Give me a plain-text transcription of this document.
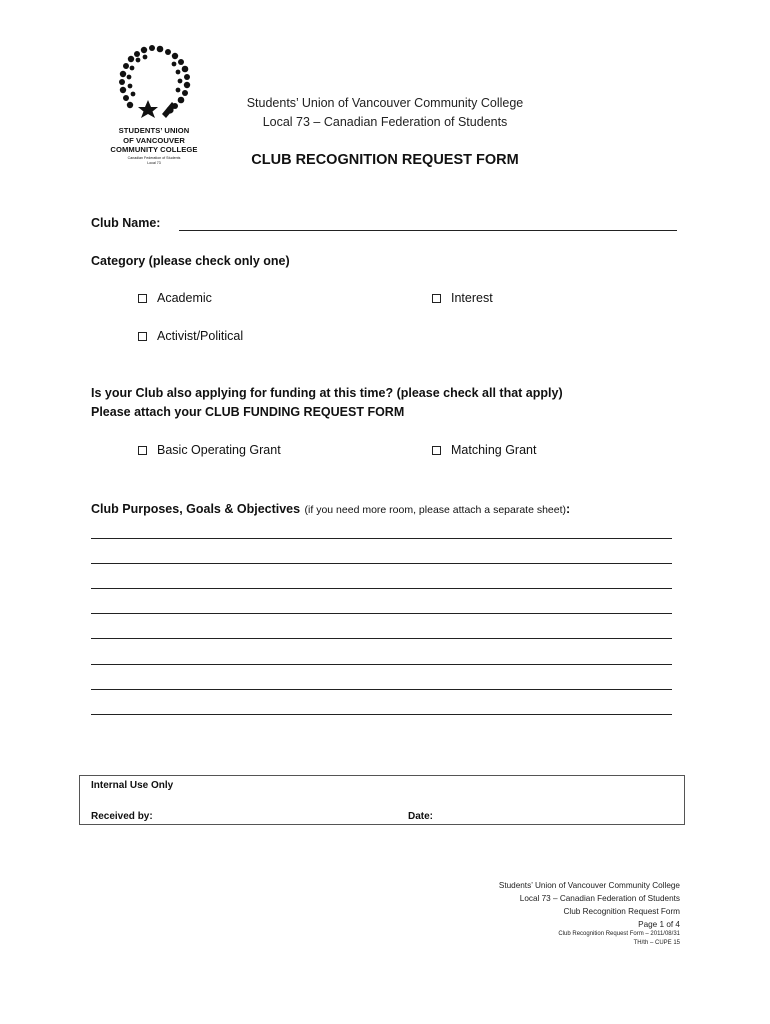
STUDENTS’ UNION
OF VANCOUVER
COMMUNITY COLLEGE
Canadian Federation of Students
Local 73
Students’ Union of Vancouver Community College
Local 73 – Canadian Federation of Students
CLUB RECOGNITION REQUEST FORM
Club Name:
Category (please check only one)
Academic	Interest
Activist/Political
Is your Club also applying for funding at this time? (please check all that apply)
Please attach your CLUB FUNDING REQUEST FORM
Basic Operating Grant	Matching Grant
Club Purposes, Goals & Objectives (if you need more room, please attach a separate sheet):
Internal Use Only
Received by:	Date:
Students’ Union of Vancouver Community College
Local 73 – Canadian Federation of Students
Club Recognition Request Form
Page 1 of 4
Club Recognition Request Form – 2011/08/31
TH/th – CUPE 15
